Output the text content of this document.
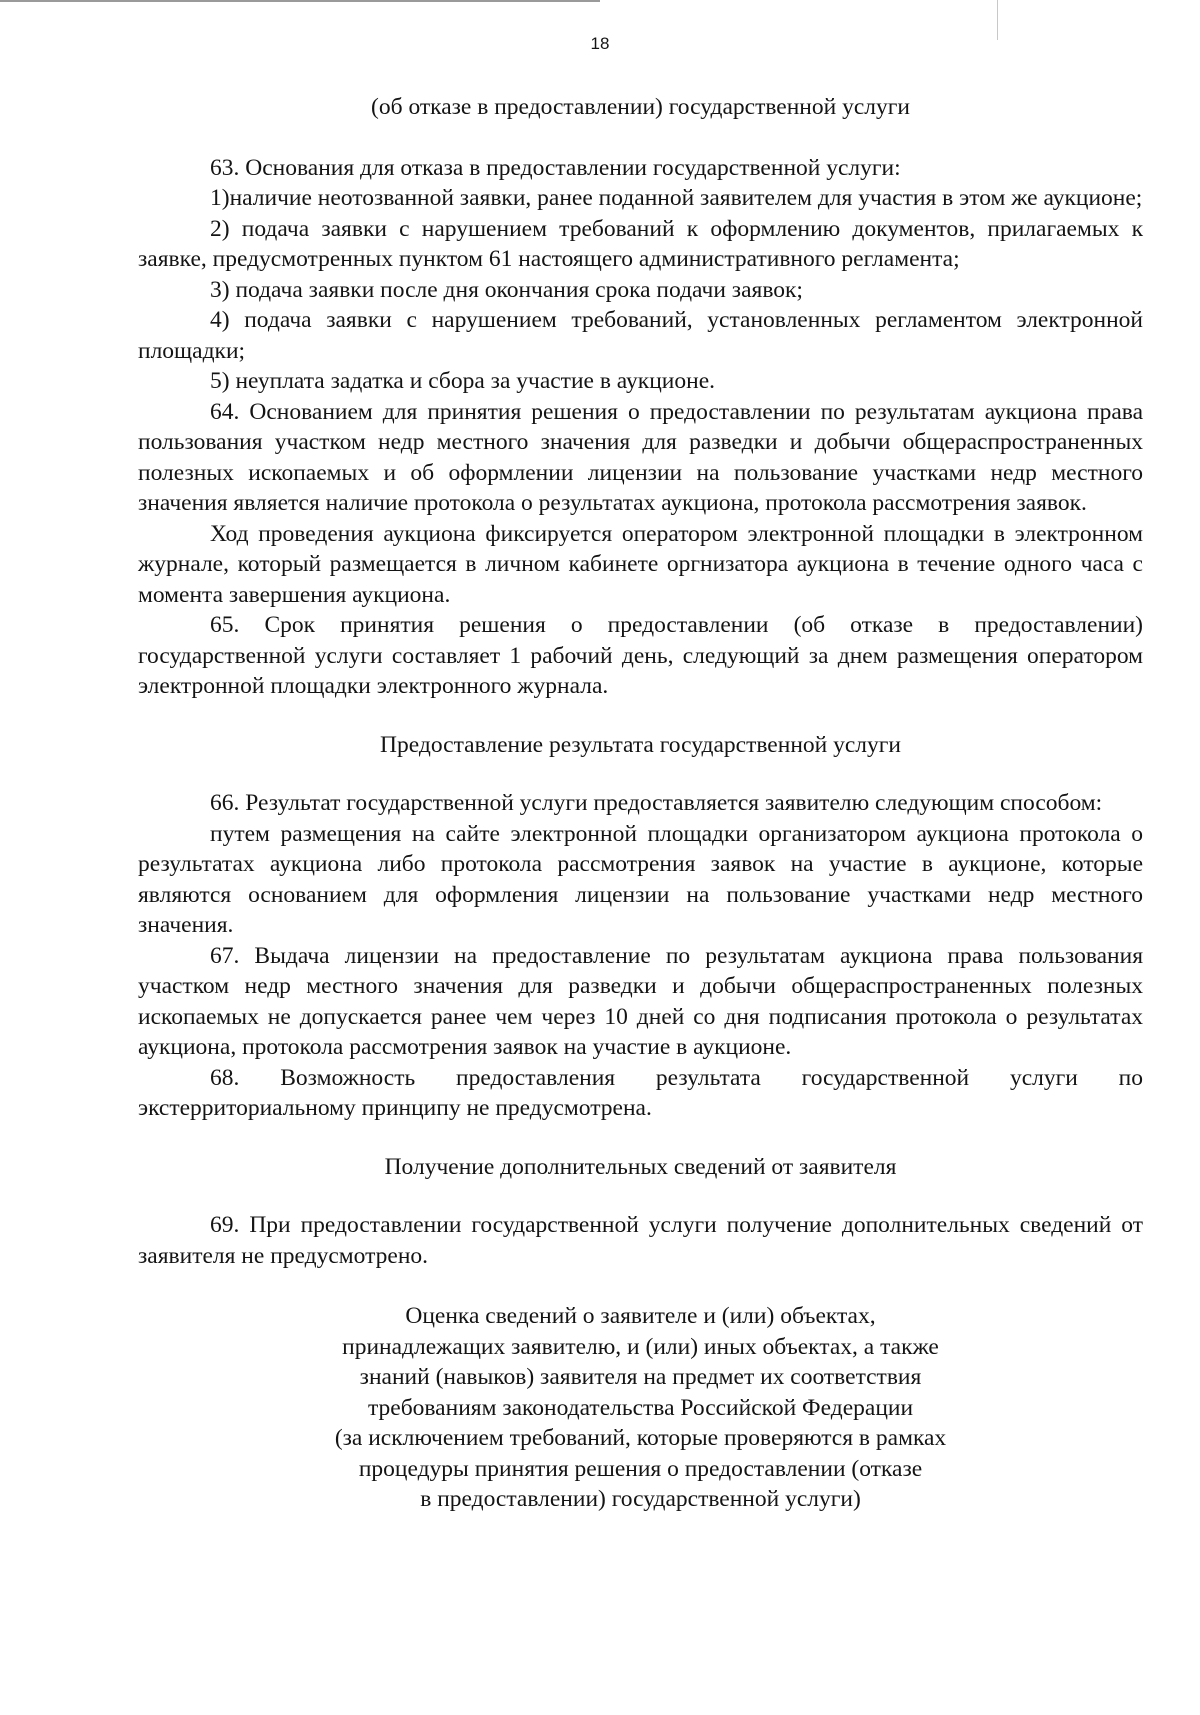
18

(об отказе в предоставлении) государственной услуги

63. Основания для отказа в предоставлении государственной услуги:

1)наличие неотозванной заявки, ранее поданной заявителем для участия в этом же аукционе;

2) подача заявки с нарушением требований к оформлению документов, прилагаемых к заявке, предусмотренных пунктом 61 настоящего административного регламента;

3) подача заявки после дня окончания срока подачи заявок;

4) подача заявки с нарушением требований, установленных регламентом электронной площадки;

5) неуплата задатка и сбора за участие в аукционе.

64. Основанием для принятия решения о предоставлении по результатам аукциона права пользования участком недр местного значения для разведки и добычи общераспространенных полезных ископаемых и об оформлении лицензии на пользование участками недр местного значения является наличие протокола о результатах аукциона, протокола рассмотрения заявок.

Ход проведения аукциона фиксируется оператором электронной площадки в электронном журнале, который размещается в личном кабинете оргнизатора аукциона в течение одного часа с момента завершения аукциона.

65. Срок принятия решения о предоставлении (об отказе в предоставлении) государственной услуги составляет 1 рабочий день, следующий за днем размещения оператором электронной площадки электронного журнала.

Предоставление результата государственной услуги

66. Результат государственной услуги предоставляется заявителю следующим способом:

путем размещения на сайте электронной площадки организатором аукциона протокола о результатах аукциона либо протокола рассмотрения заявок на участие в аукционе, которые являются основанием для оформления лицензии на пользование участками недр местного значения.

67. Выдача лицензии на предоставление по результатам аукциона права пользования участком недр местного значения для разведки и добычи общераспространенных полезных ископаемых не допускается ранее чем через 10 дней со дня подписания протокола о результатах аукциона, протокола рассмотрения заявок на участие в аукционе.

68. Возможность предоставления результата государственной услуги по экстерриториальному принципу не предусмотрена.

Получение дополнительных сведений от заявителя

69. При предоставлении государственной услуги получение дополнительных сведений от заявителя не предусмотрено.

Оценка сведений о заявителе и (или) объектах,
принадлежащих заявителю, и (или) иных объектах, а также
знаний (навыков) заявителя на предмет их соответствия
требованиям законодательства Российской Федерации
(за исключением требований, которые проверяются в рамках
процедуры принятия решения о предоставлении (отказе
в предоставлении) государственной услуги)
